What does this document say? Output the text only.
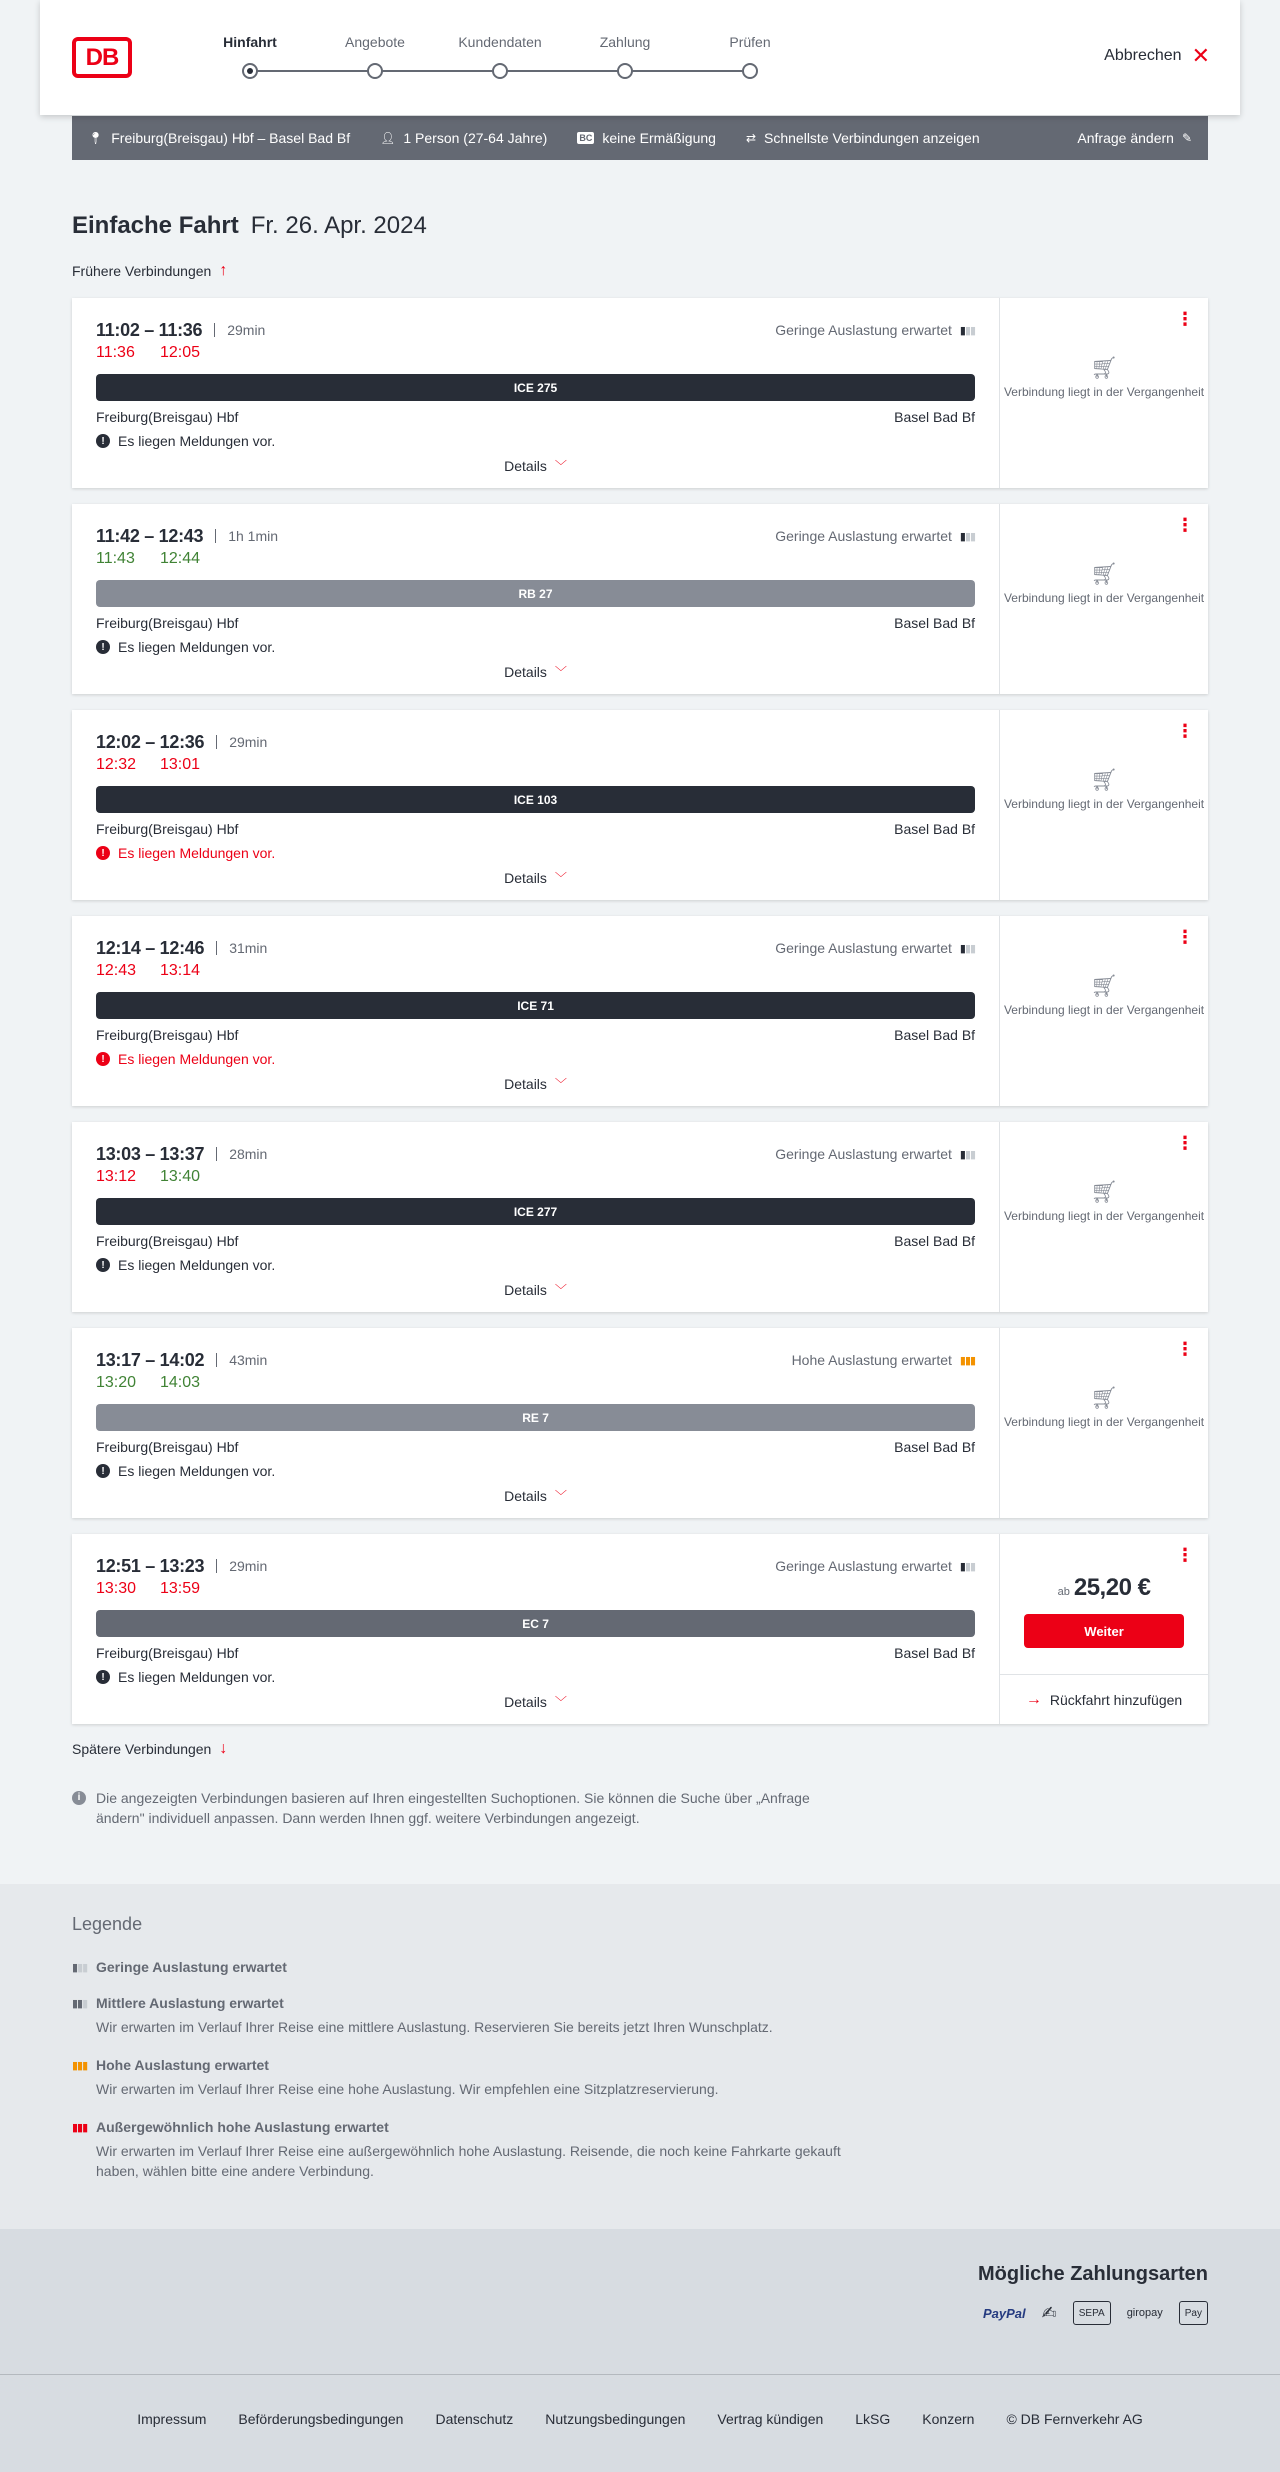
DB
Hinfahrt	Angebote	Kundendaten	Zahlung	Prüfen
Abbrechen ✕
📍︎ Freiburg(Breisgau) Hbf – Basel Bad Bf	👤︎ 1 Person (27-64 Jahre)	BC keine Ermäßigung	⇄ Schnellste Verbindungen anzeigen	Anfrage ändern ✎
Einfache Fahrt Fr. 26. Apr. 2024
Frühere Verbindungen ↑
11:02 – 11:36 29min	Geringe Auslastung erwartet ▮▮▮
11:36	12:05
ICE 275
Freiburg(Breisgau) Hbf	Basel Bad Bf
! Es liegen Meldungen vor.
Details ﹀
⋮
🛒︎
Verbindung liegt in der Vergangenheit
11:42 – 12:43 1h 1min	Geringe Auslastung erwartet ▮▮▮
11:43	12:44
RB 27
Freiburg(Breisgau) Hbf	Basel Bad Bf
! Es liegen Meldungen vor.
Details ﹀
⋮
🛒︎
Verbindung liegt in der Vergangenheit
12:02 – 12:36 29min
12:32	13:01
ICE 103
Freiburg(Breisgau) Hbf	Basel Bad Bf
! Es liegen Meldungen vor.
Details ﹀
⋮
🛒︎
Verbindung liegt in der Vergangenheit
12:14 – 12:46 31min	Geringe Auslastung erwartet ▮▮▮
12:43	13:14
ICE 71
Freiburg(Breisgau) Hbf	Basel Bad Bf
! Es liegen Meldungen vor.
Details ﹀
⋮
🛒︎
Verbindung liegt in der Vergangenheit
13:03 – 13:37 28min	Geringe Auslastung erwartet ▮▮▮
13:12	13:40
ICE 277
Freiburg(Breisgau) Hbf	Basel Bad Bf
! Es liegen Meldungen vor.
Details ﹀
⋮
🛒︎
Verbindung liegt in der Vergangenheit
13:17 – 14:02 43min	Hohe Auslastung erwartet ▮▮▮
13:20	14:03
RE 7
Freiburg(Breisgau) Hbf	Basel Bad Bf
! Es liegen Meldungen vor.
Details ﹀
⋮
🛒︎
Verbindung liegt in der Vergangenheit
12:51 – 13:23 29min	Geringe Auslastung erwartet ▮▮▮
13:30	13:59
EC 7
Freiburg(Breisgau) Hbf	Basel Bad Bf
! Es liegen Meldungen vor.
Details ﹀
⋮
ab 25,20 €
Weiter
→ Rückfahrt hinzufügen
Spätere Verbindungen ↓
i	Die angezeigten Verbindungen basieren auf Ihren eingestellten Suchoptionen. Sie können die Suche über „Anfrage ändern" individuell anpassen. Dann werden Ihnen ggf. weitere Verbindungen angezeigt.
Legende
▮▮▮ Geringe Auslastung erwartet
▮▮▮ Mittlere Auslastung erwartet
Wir erwarten im Verlauf Ihrer Reise eine mittlere Auslastung. Reservieren Sie bereits jetzt Ihren Wunschplatz.
▮▮▮ Hohe Auslastung erwartet
Wir erwarten im Verlauf Ihrer Reise eine hohe Auslastung. Wir empfehlen eine Sitzplatzreservierung.
▮▮▮ Außergewöhnlich hohe Auslastung erwartet
Wir erwarten im Verlauf Ihrer Reise eine außergewöhnlich hohe Auslastung. Reisende, die noch keine Fahrkarte gekauft haben, wählen bitte eine andere Verbindung.
Mögliche Zahlungsarten
PayPal ✍︎	SEPA	giropay Pay
Impressum Beförderungsbedingungen Datenschutz Nutzungsbedingungen Vertrag kündigen LkSG Konzern © DB Fernverkehr AG
